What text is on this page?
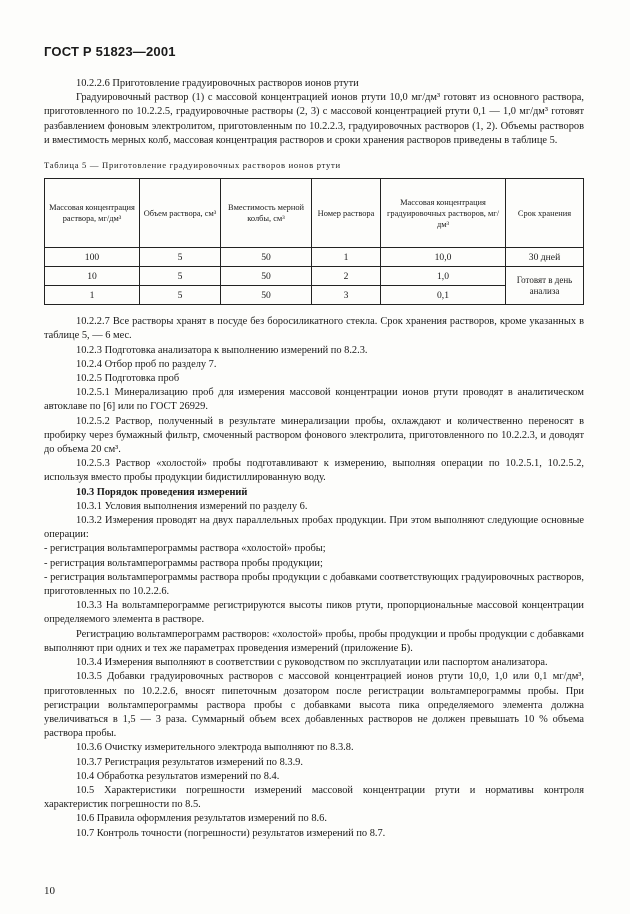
ГОСТ Р 51823—2001

10.2.2.6 Приготовление градуировочных растворов ионов ртути

Градуировочный раствор (1) с массовой концентрацией ионов ртути 10,0 мг/дм³ готовят из основного раствора, приготовленного по 10.2.2.5, градуировочные растворы (2, 3) с массовой концентрацией ртути 0,1 — 1,0 мг/дм³ готовят разбавлением фоновым электролитом, приготовленным по 10.2.2.3, градуировочных растворов (1, 2). Объемы растворов и вместимость мерных колб, массовая концентрация растворов и сроки хранения растворов приведены в таблице 5.

Таблица 5 — Приготовление градуировочных растворов ионов ртути

Массовая концентрация раствора, мг/дм³	Объем раствора, см³	Вместимость мерной колбы, см³	Номер раствора	Массовая концентрация градуировочных растворов, мг/дм³	Срок хранения
100	5	50	1	10,0	30 дней
10	5	50	2	1,0	Готовят в день анализа
1	5	50	3	0,1	

10.2.2.7 Все растворы хранят в посуде без боросиликатного стекла. Срок хранения растворов, кроме указанных в таблице 5, — 6 мес.

10.2.3 Подготовка анализатора к выполнению измерений по 8.2.3.

10.2.4 Отбор проб по разделу 7.

10.2.5 Подготовка проб

10.2.5.1 Минерализацию проб для измерения массовой концентрации ионов ртути проводят в аналитическом автоклаве по [6] или по ГОСТ 26929.

10.2.5.2 Раствор, полученный в результате минерализации пробы, охлаждают и количественно переносят в пробирку через бумажный фильтр, смоченный раствором фонового электролита, приготовленного по 10.2.2.3, и доводят до объема 20 см³.

10.2.5.3 Раствор «холостой» пробы подготавливают к измерению, выполняя операции по 10.2.5.1, 10.2.5.2, используя вместо пробы продукции бидистиллированную воду.

10.3 Порядок проведения измерений

10.3.1 Условия выполнения измерений по разделу 6.

10.3.2 Измерения проводят на двух параллельных пробах продукции. При этом выполняют следующие основные операции:

- регистрация вольтамперограммы раствора «холостой» пробы;

- регистрация вольтамперограммы раствора пробы продукции;

- регистрация вольтамперограммы раствора пробы продукции с добавками соответствующих градуировочных растворов, приготовленных по 10.2.2.6.

10.3.3 На вольтамперограмме регистрируются высоты пиков ртути, пропорциональные массовой концентрации определяемого элемента в растворе.

Регистрацию вольтамперограмм растворов: «холостой» пробы, пробы продукции и пробы продукции с добавками выполняют при одних и тех же параметрах проведения измерений (приложение Б).

10.3.4 Измерения выполняют в соответствии с руководством по эксплуатации или паспортом анализатора.

10.3.5 Добавки градуировочных растворов с массовой концентрацией ионов ртути 10,0, 1,0 или 0,1 мг/дм³, приготовленных по 10.2.2.6, вносят пипеточным дозатором после регистрации вольтамперограммы пробы. При регистрации вольтамперограммы раствора пробы с добавками высота пика определяемого элемента должна увеличиваться в 1,5 — 3 раза. Суммарный объем всех добавленных растворов не должен превышать 10 % объема раствора пробы.

10.3.6 Очистку измерительного электрода выполняют по 8.3.8.

10.3.7 Регистрация результатов измерений по 8.3.9.

10.4 Обработка результатов измерений по 8.4.

10.5 Характеристики погрешности измерений массовой концентрации ртути и нормативы контроля характеристик погрешности по 8.5.

10.6 Правила оформления результатов измерений по 8.6.

10.7 Контроль точности (погрешности) результатов измерений по 8.7.

10
